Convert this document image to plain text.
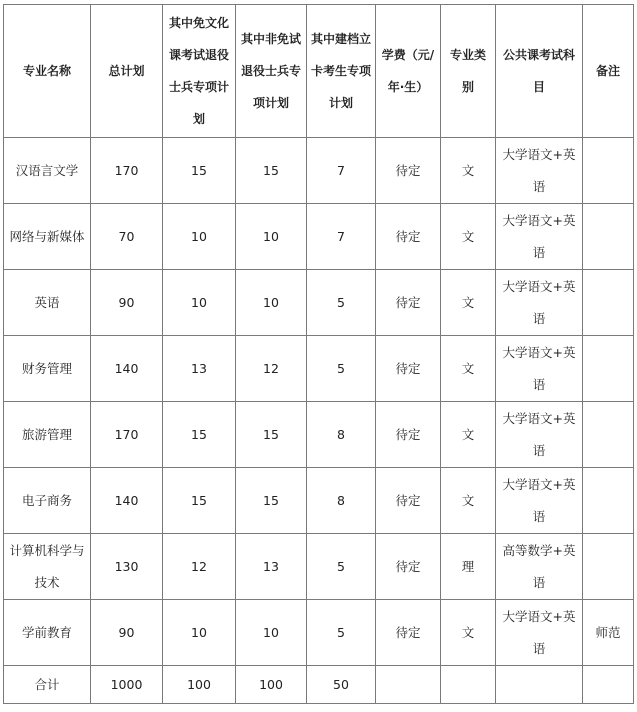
专业名称	总计划	其中免文化课考试退役士兵专项计划	其中非免试退役士兵专项计划	其中建档立卡考生专项计划	学费（元/年·生）	专业类 别	公共课考试科目	备注
汉语言文学	170	15	15	7	待定	文	大学语文+英语	
网络与新媒体	70	10	10	7	待定	文	大学语文+英语	
英语	90	10	10	5	待定	文	大学语文+英语	
财务管理	140	13	12	5	待定	文	大学语文+英语	
旅游管理	170	15	15	8	待定	文	大学语文+英语	
电子商务	140	15	15	8	待定	文	大学语文+英语	
计算机科学与技术	130	12	13	5	待定	理	高等数学+英语	
学前教育	90	10	10	5	待定	文	大学语文+英语	师范
合计	1000	100	100	50				
